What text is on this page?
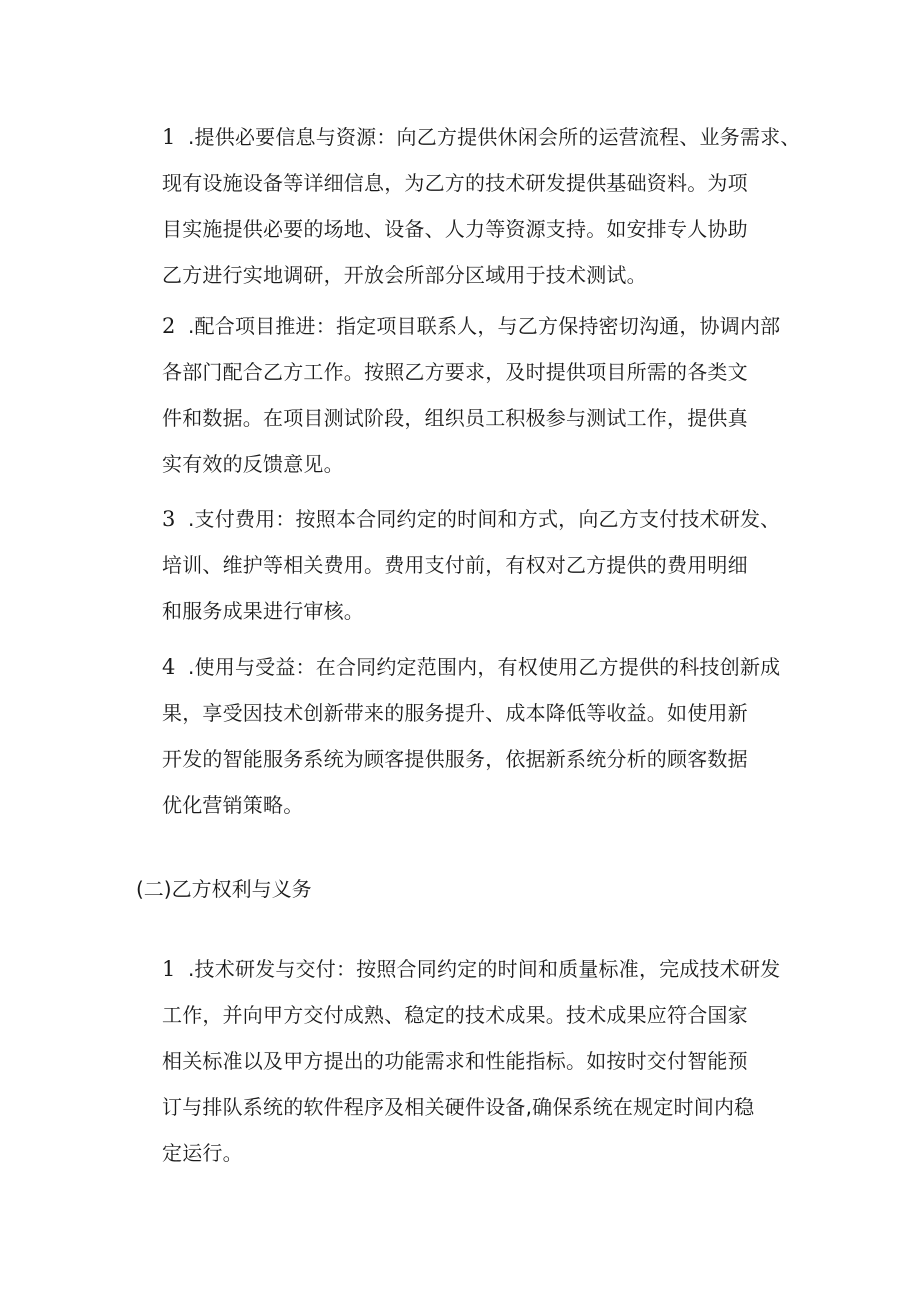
1 .提供必要信息与资源：向乙方提供休闲会所的运营流程、业务需求、
现有设施设备等详细信息，为乙方的技术研发提供基础资料。为项
目实施提供必要的场地、设备、人力等资源支持。如安排专人协助
乙方进行实地调研，开放会所部分区域用于技术测试。
2 .配合项目推进：指定项目联系人，与乙方保持密切沟通，协调内部
各部门配合乙方工作。按照乙方要求，及时提供项目所需的各类文
件和数据。在项目测试阶段，组织员工积极参与测试工作，提供真
实有效的反馈意见。
3 .支付费用：按照本合同约定的时间和方式，向乙方支付技术研发、
培训、维护等相关费用。费用支付前，有权对乙方提供的费用明细
和服务成果进行审核。
4 .使用与受益：在合同约定范围内，有权使用乙方提供的科技创新成
果，享受因技术创新带来的服务提升、成本降低等收益。如使用新
开发的智能服务系统为顾客提供服务，依据新系统分析的顾客数据
优化营销策略。
(二)乙方权利与义务
1 .技术研发与交付：按照合同约定的时间和质量标准，完成技术研发
工作，并向甲方交付成熟、稳定的技术成果。技术成果应符合国家
相关标准以及甲方提出的功能需求和性能指标。如按时交付智能预
订与排队系统的软件程序及相关硬件设备,确保系统在规定时间内稳
定运行。
